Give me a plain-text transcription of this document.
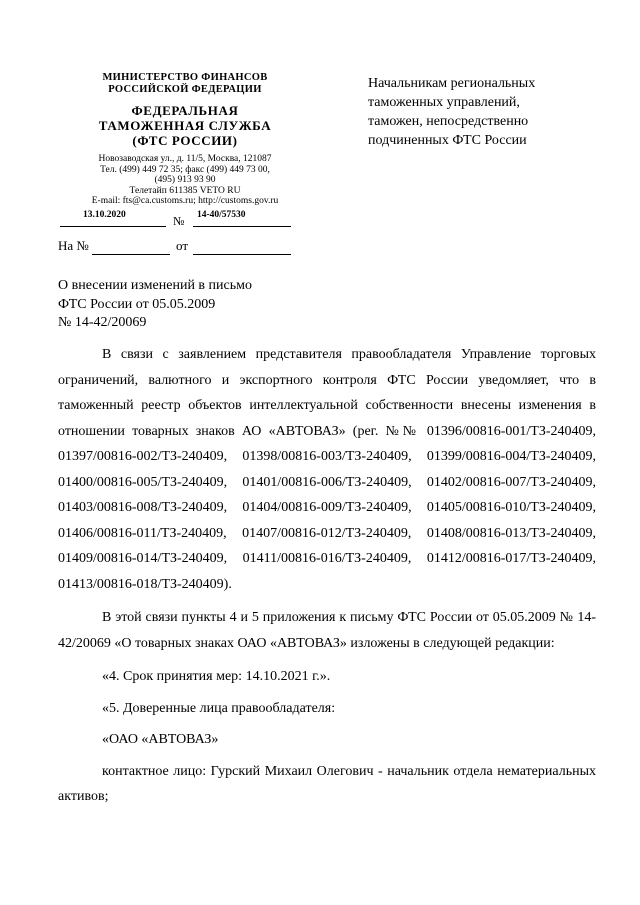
МИНИСТЕРСТВО ФИНАНСОВ
РОССИЙСКОЙ ФЕДЕРАЦИИ
ФЕДЕРАЛЬНАЯ
ТАМОЖЕННАЯ СЛУЖБА
(ФТС РОССИИ)
Новозаводская ул., д. 11/5, Москва, 121087
Тел. (499) 449 72 35; факс (499) 449 73 00,
(495) 913 93 90
Телетайп 611385 VETO RU
E-mail: fts@ca.customs.ru; http://customs.gov.ru
13.10.2020	№ 14-40/57530
На №	от
Начальникам региональных
таможенных управлений,
таможен, непосредственно
подчиненных ФТС России
О внесении изменений в письмо
ФТС России от 05.05.2009
№ 14-42/20069

В связи с заявлением представителя правообладателя Управление торговых ограничений, валютного и экспортного контроля ФТС России уведомляет, что в таможенный реестр объектов интеллектуальной собственности внесены изменения в отношении товарных знаков АО «АВТОВАЗ» (рег. №№ 01396/00816-001/ТЗ-240409, 01397/00816-002/ТЗ-240409, 01398/00816-003/ТЗ-240409, 01399/00816-004/ТЗ-240409, 01400/00816-005/ТЗ-240409, 01401/00816-006/ТЗ-240409, 01402/00816-007/ТЗ-240409, 01403/00816-008/ТЗ-240409, 01404/00816-009/ТЗ-240409, 01405/00816-010/ТЗ-240409, 01406/00816-011/ТЗ-240409, 01407/00816-012/ТЗ-240409, 01408/00816-013/ТЗ-240409, 01409/00816-014/ТЗ-240409, 01411/00816-016/ТЗ-240409, 01412/00816-017/ТЗ-240409, 01413/00816-018/ТЗ-240409).

В этой связи пункты 4 и 5 приложения к письму ФТС России от 05.05.2009 № 14-42/20069 «О товарных знаках ОАО «АВТОВАЗ» изложены в следующей редакции:

«4. Срок принятия мер: 14.10.2021 г.».

«5. Доверенные лица правообладателя:

«ОАО «АВТОВАЗ»

контактное лицо: Гурский Михаил Олегович - начальник отдела нематериальных активов;
